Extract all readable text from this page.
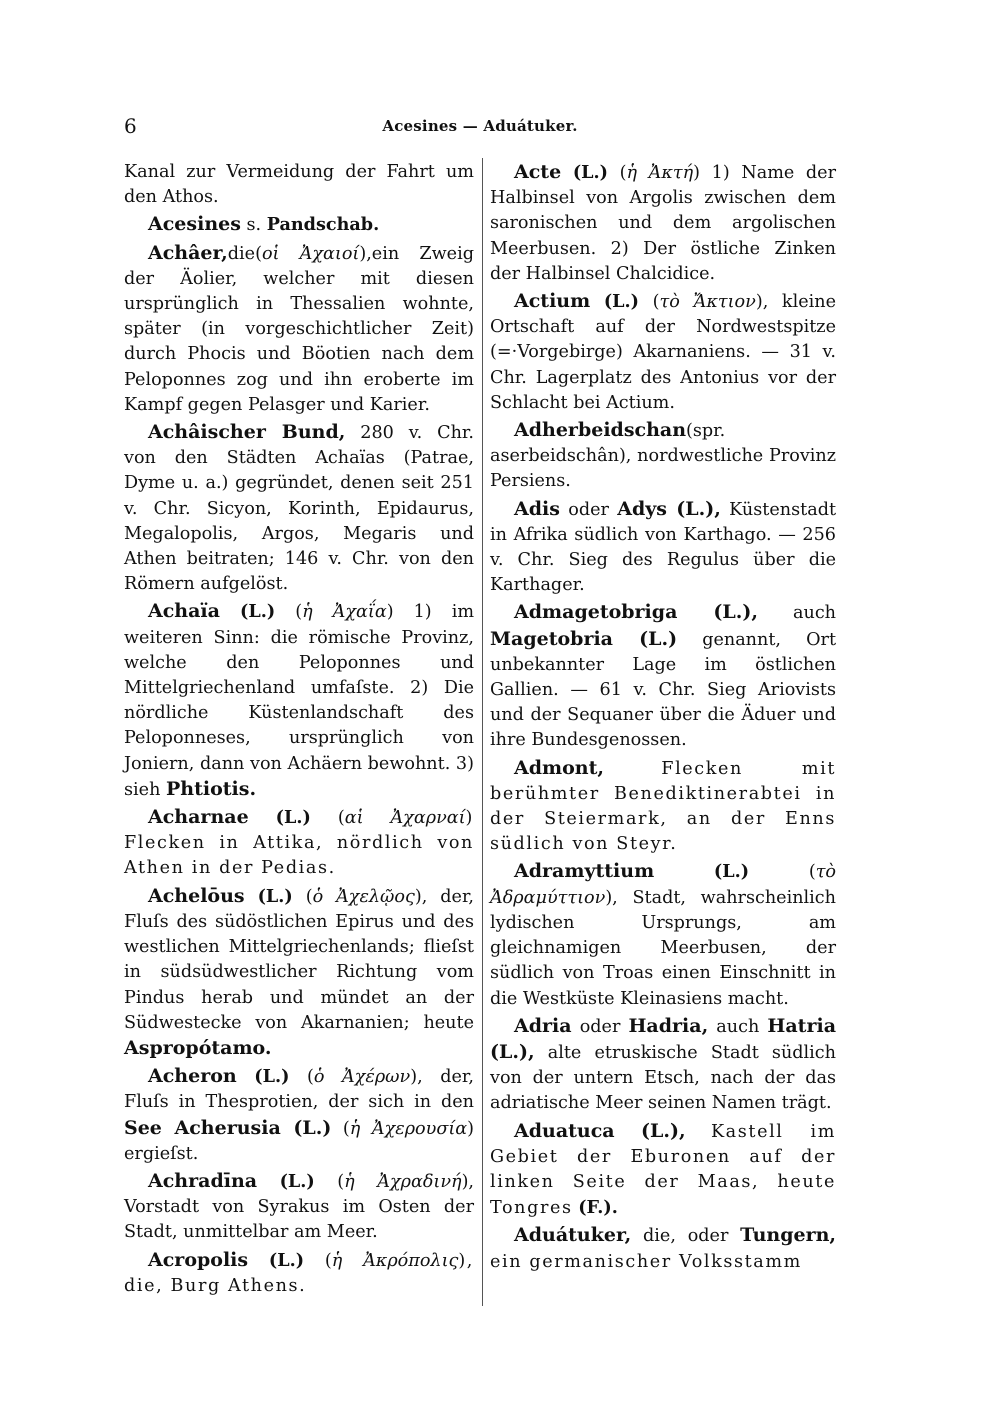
6	Acesines — Aduátuker.

Kanal zur Vermeidung der Fahrt um den Athos.

Acesines s. Pandschab.

Achâer,die(οἱ Ἀχαιοί),ein Zweig der Äolier, welcher mit diesen ursprünglich in Thessalien wohnte, später (in vorgeschichtlicher Zeit) durch Phocis und Böotien nach dem Peloponnes zog und ihn eroberte im Kampf gegen Pelasger und Karier.

Achâischer Bund, 280 v. Chr. von den Städten Achaïas (Patrae, Dyme u. a.) gegründet, denen seit 251 v. Chr. Sicyon, Korinth, Epidaurus, Megalopolis, Argos, Megaris und Athen beitraten; 146 v. Chr. von den Römern aufgelöst.

Achaïa (L.) (ἡ Ἀχαΐα) 1) im weiteren Sinn: die römische Provinz, welche den Peloponnes und Mittelgriechenland umfaſste. 2) Die nördliche Küstenlandschaft des Peloponneses, ursprünglich von Joniern, dann von Achäern bewohnt. 3) sieh Phtiotis.

Acharnae (L.) (αἱ Ἀχαρναί) Flecken in Attika, nördlich von Athen in der Pedias.

Achelōus (L.) (ὁ Ἀχελῷος), der, Fluſs des südöstlichen Epirus und des westlichen Mittelgriechenlands; flieſst in südsüdwestlicher Richtung vom Pindus herab und mündet an der Südwestecke von Akarnanien; heute Aspropótamo.

Acheron (L.) (ὁ Ἀχέρων), der, Fluſs in Thesprotien, der sich in den See Acherusia (L.) (ἡ Ἀχερουσία) ergieſst.

Achradīna (L.) (ἡ Ἀχραδινή), Vorstadt von Syrakus im Osten der Stadt, unmittelbar am Meer.

Acropolis (L.) (ἡ Ἀκρόπολις), die, Burg Athens.

Acte (L.) (ἡ Ἀκτή) 1) Name der Halbinsel von Argolis zwischen dem saronischen und dem argolischen Meerbusen. 2) Der östliche Zinken der Halbinsel Chalcidice.

Actium (L.) (τὸ Ἄκτιον), kleine Ortschaft auf der Nordwestspitze (=·Vorgebirge) Akarnaniens. — 31 v. Chr. Lagerplatz des Antonius vor der Schlacht bei Actium.

Adherbeidschan(spr. aserbeidschân), nordwestliche Provinz Persiens.

Adis oder Adys (L.), Küstenstadt in Afrika südlich von Karthago. — 256 v. Chr. Sieg des Regulus über die Karthager.

Admagetobriga (L.), auch Magetobria (L.) genannt, Ort unbekannter Lage im östlichen Gallien. — 61 v. Chr. Sieg Ariovists und der Sequaner über die Äduer und ihre Bundesgenossen.

Admont,	Flecken mit berühmter Benediktinerabtei in der Steiermark, an der Enns südlich von Steyr.

Adramyttium	(L.)	(τὸ Ἀδραμύττιον), Stadt, wahrscheinlich lydischen Ursprungs, am gleichnamigen Meerbusen, der südlich von Troas einen Einschnitt in die Westküste Kleinasiens macht.

Adria oder Hadria, auch Hatria (L.), alte etruskische Stadt südlich von der untern Etsch, nach der das adriatische Meer seinen Namen trägt.

Aduatuca (L.), Kastell im Gebiet der Eburonen auf der linken Seite der Maas, heute Tongres (F.).

Aduátuker, die, oder Tungern, ein germanischer Volksstamm
